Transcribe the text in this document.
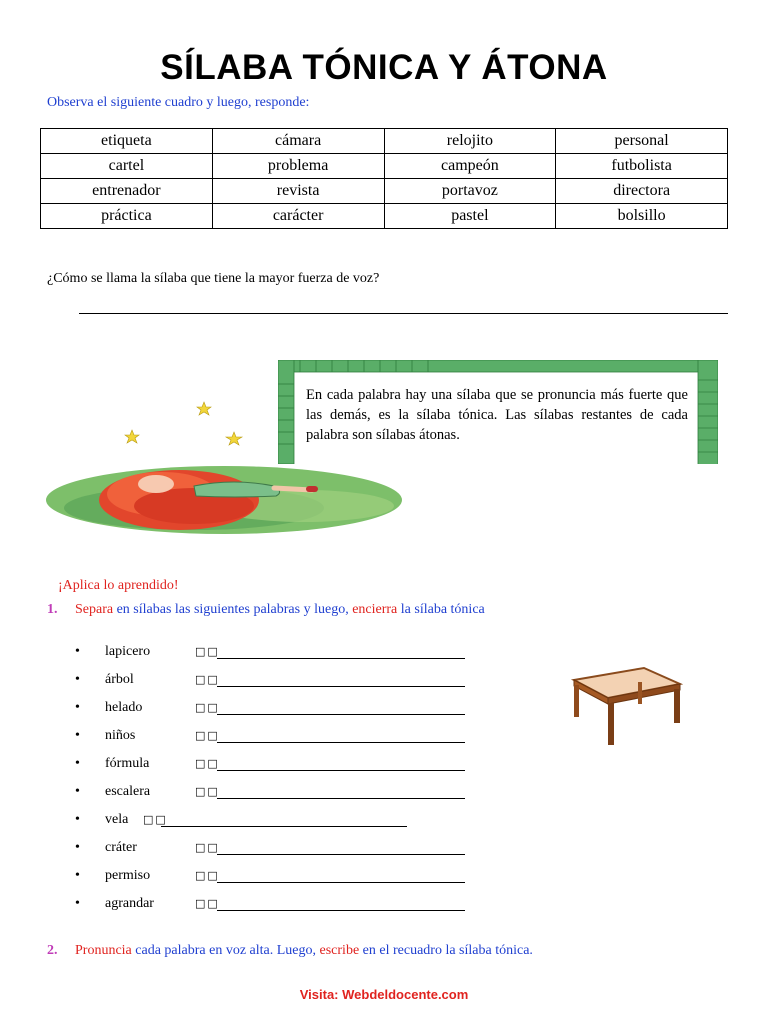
SÍLABA TÓNICA Y ÁTONA
Observa el siguiente cuadro y luego, responde:
etiqueta	cámara	relojito	personal
cartel	problema	campeón	futbolista
entrenador	revista	portavoz	directora
práctica	carácter	pastel	bolsillo
¿Cómo se llama la sílaba que tiene la mayor fuerza de voz?
En cada palabra hay una sílaba que se pronuncia más fuerte que las demás, es la sílaba tónica. Las sílabas restantes de cada palabra son sílabas átonas.
¡Aplica lo aprendido!
1. Separa en sílabas las siguientes palabras y luego, encierra la sílaba tónica
• lapicero	□□
• árbol	□□
• helado	□□
• niños	□□
• fórmula	□□
• escalera	□□
• vela □□
• cráter	□□
• permiso	□□
• agrandar	□□
2. Pronuncia cada palabra en voz alta. Luego, escribe en el recuadro la sílaba tónica.
Visita: Webdeldocente.com
